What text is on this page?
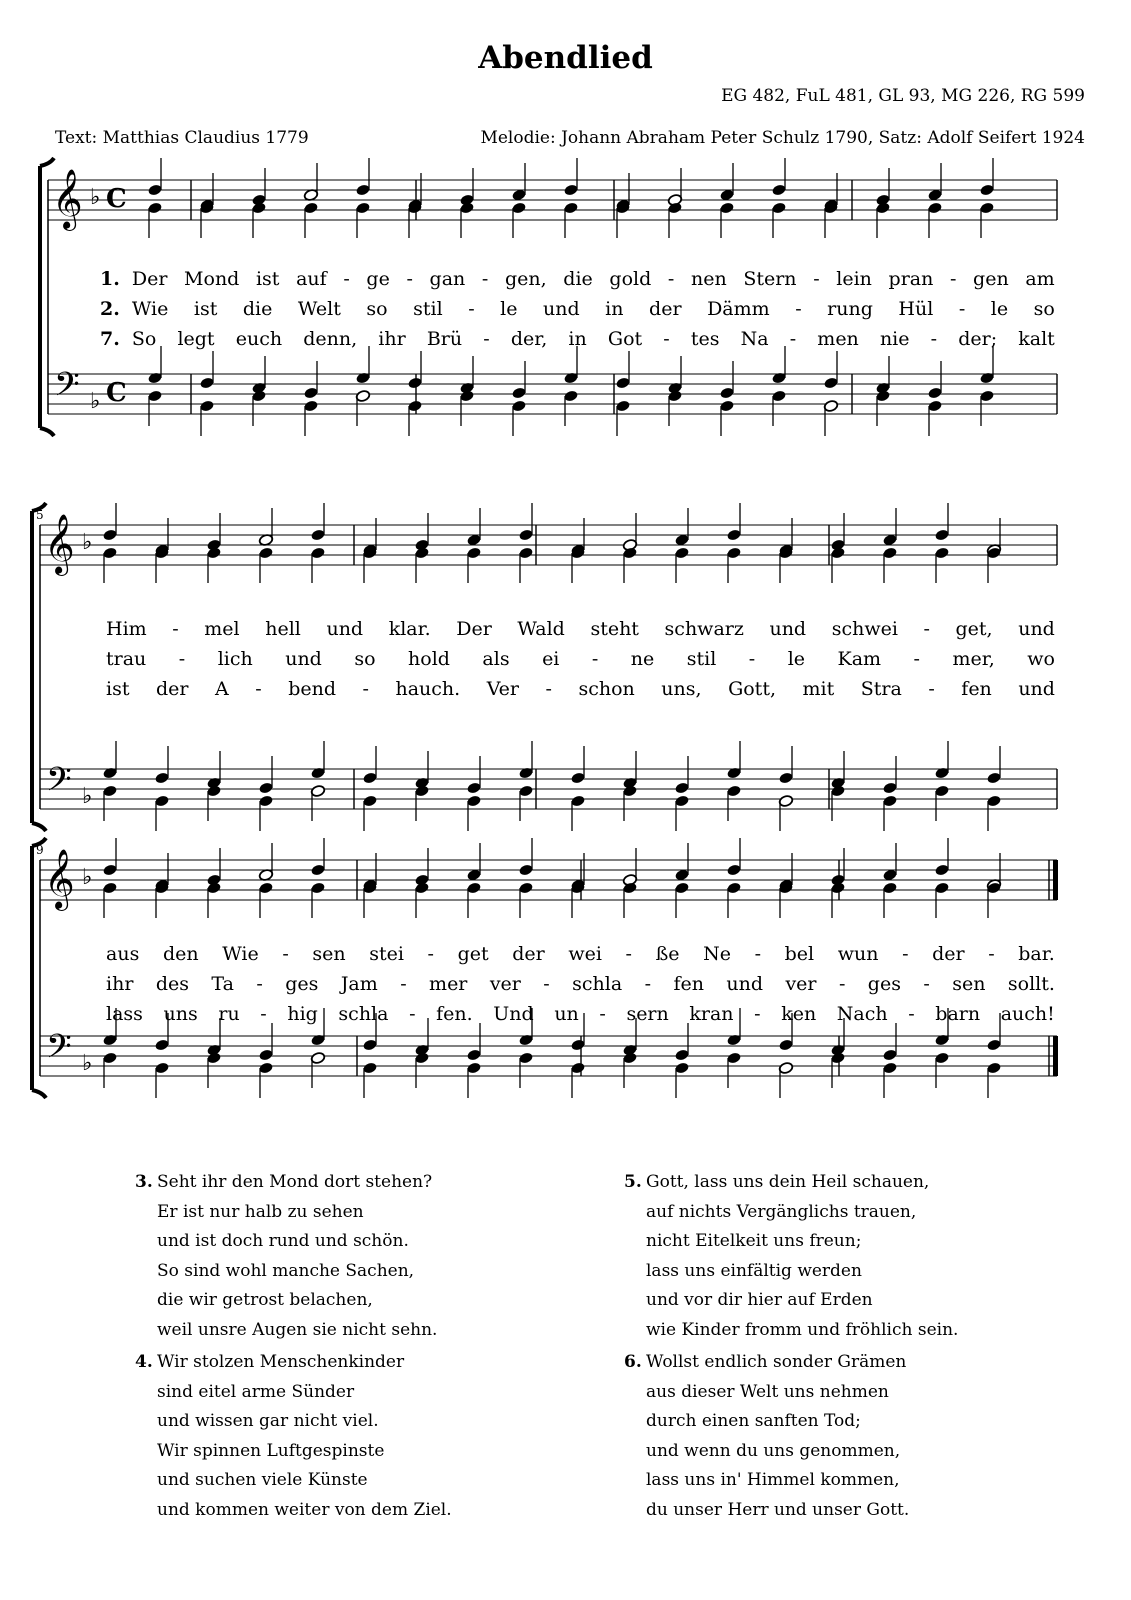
Abendlied
EG 482, FuL 481, GL 93, MG 226, RG 599
Text: Matthias Claudius 1779	Melodie: Johann Abraham Peter Schulz 1790, Satz: Adolf Seifert 1924
𝄞
𝄢
♭
♭
C
C
1. Der Mond ist auf - ge - gan - gen, die gold - nen Stern - lein pran - gen am
2. Wie ist die Welt so stil - le und in der Dämm - rung Hül - le so
7. So legt euch denn, ihr Brü - der, in Got - tes Na - men nie - der; kalt
𝄞
𝄢
♭
♭
5
Him - mel hell und klar. Der Wald steht schwarz und schwei - get, und
trau - lich und so hold als ei - ne stil - le Kam - mer, wo
ist der A - bend - hauch. Ver - schon uns, Gott, mit Stra - fen und
𝄞
𝄢
♭
♭
9
aus den Wie - sen stei - get der wei - ße Ne - bel wun - der - bar.
ihr des Ta - ges Jam - mer ver - schla - fen und ver - ges - sen sollt.
lass uns ru - hig schla - fen. Und un - sern kran - ken Nach - barn auch!
3. Seht ihr den Mond dort stehen?
Er ist nur halb zu sehen
und ist doch rund und schön.
So sind wohl manche Sachen,
die wir getrost belachen,
weil unsre Augen sie nicht sehn.
4. Wir stolzen Menschenkinder
sind eitel arme Sünder
und wissen gar nicht viel.
Wir spinnen Luftgespinste
und suchen viele Künste
und kommen weiter von dem Ziel.
5. Gott, lass uns dein Heil schauen,
auf nichts Vergänglichs trauen,
nicht Eitelkeit uns freun;
lass uns einfältig werden
und vor dir hier auf Erden
wie Kinder fromm und fröhlich sein.
6. Wollst endlich sonder Grämen
aus dieser Welt uns nehmen
durch einen sanften Tod;
und wenn du uns genommen,
lass uns in' Himmel kommen,
du unser Herr und unser Gott.
